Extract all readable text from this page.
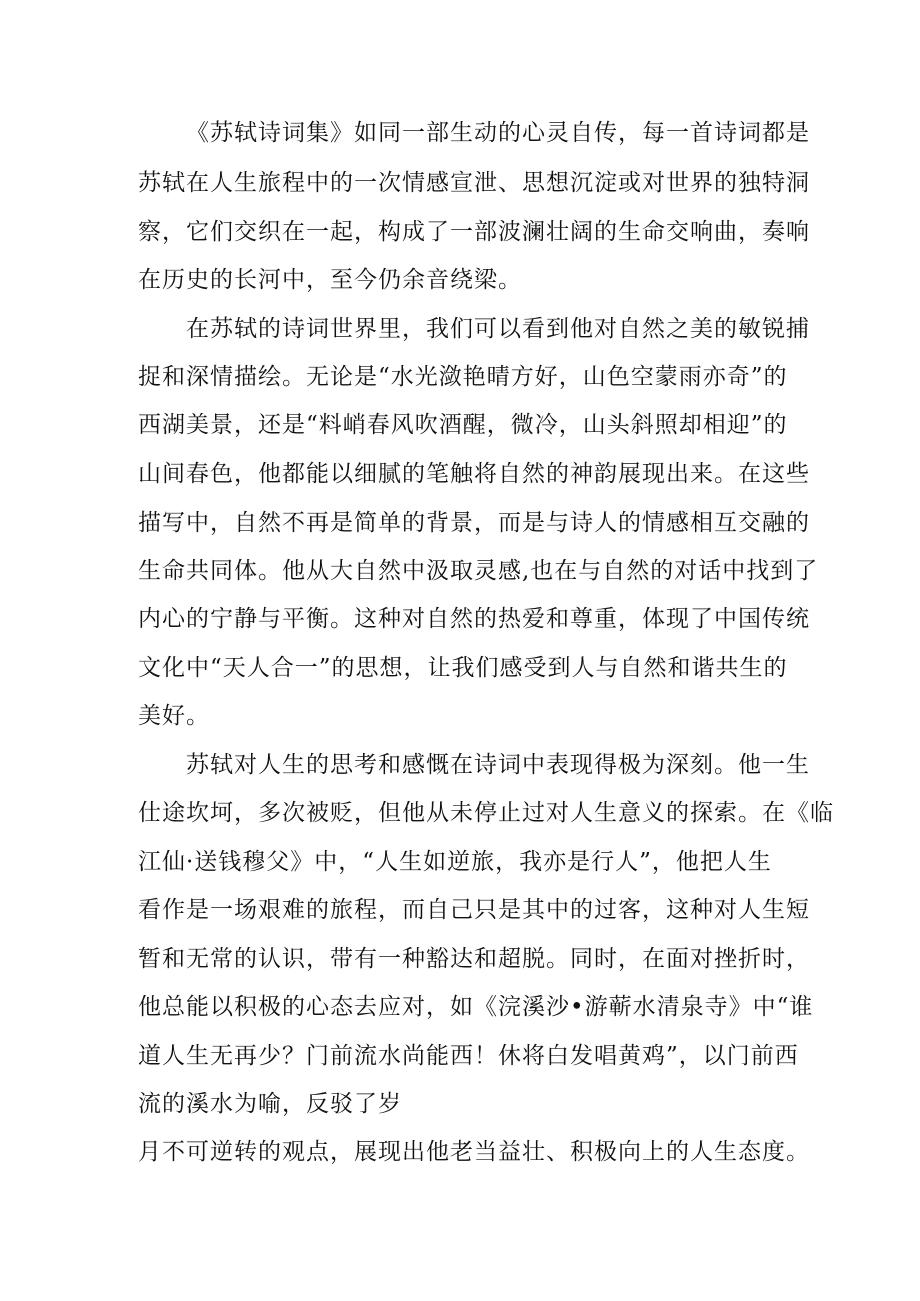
《苏轼诗词集》如同一部生动的心灵自传，每一首诗词都是
苏轼在人生旅程中的一次情感宣泄、思想沉淀或对世界的独特洞
察，它们交织在一起，构成了一部波澜壮阔的生命交响曲，奏响
在历史的长河中，至今仍余音绕梁。
在苏轼的诗词世界里，我们可以看到他对自然之美的敏锐捕
捉和深情描绘。无论是“水光潋艳晴方好，山色空蒙雨亦奇”的
西湖美景，还是“料峭春风吹酒醒，微冷，山头斜照却相迎”的
山间春色，他都能以细腻的笔触将自然的神韵展现出来。在这些
描写中，自然不再是简单的背景，而是与诗人的情感相互交融的
生命共同体。他从大自然中汲取灵感,也在与自然的对话中找到了
内心的宁静与平衡。这种对自然的热爱和尊重，体现了中国传统
文化中“天人合一”的思想，让我们感受到人与自然和谐共生的
美好。
苏轼对人生的思考和感慨在诗词中表现得极为深刻。他一生
仕途坎坷，多次被贬，但他从未停止过对人生意义的探索。在《临
江仙·送钱穆父》中，“人生如逆旅，我亦是行人”，他把人生
看作是一场艰难的旅程，而自己只是其中的过客，这种对人生短
暂和无常的认识，带有一种豁达和超脱。同时，在面对挫折时，
他总能以积极的心态去应对，如《浣溪沙•游蕲水清泉寺》中“谁
道人生无再少？门前流水尚能西！休将白发唱黄鸡”，以门前西
流的溪水为喻，反驳了岁
月不可逆转的观点，展现出他老当益壮、积极向上的人生态度。
